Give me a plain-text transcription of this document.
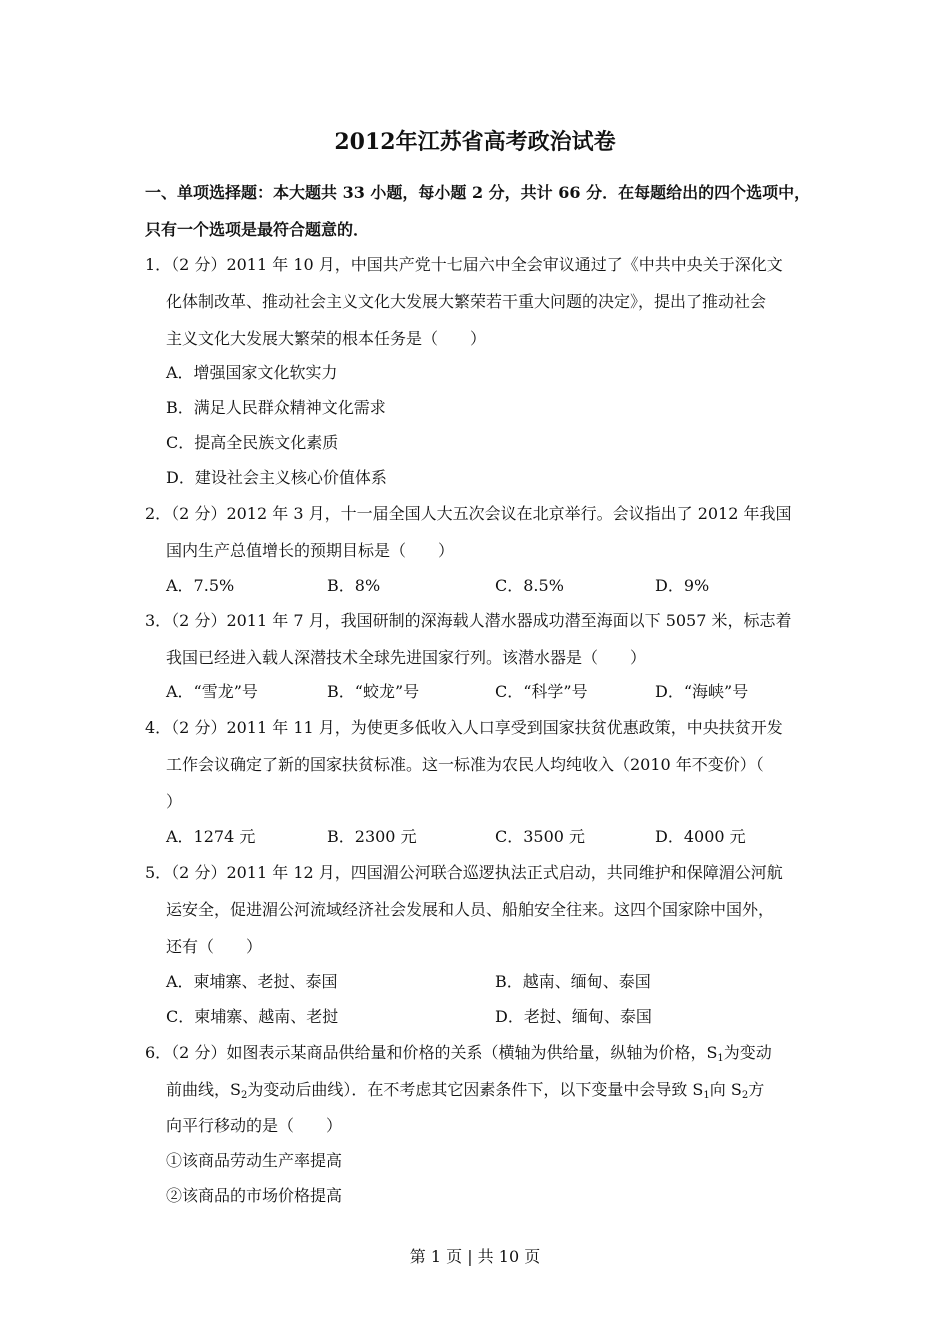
2012年江苏省高考政治试卷
一、单项选择题：本大题共 33 小题，每小题 2 分，共计 66 分．在每题给出的四个选项中，
只有一个选项是最符合题意的．
1．（2 分）2011 年 10 月，中国共产党十七届六中全会审议通过了《中共中央关于深化文
化体制改革、推动社会主义文化大发展大繁荣若干重大问题的决定》，提出了推动社会
主义文化大发展大繁荣的根本任务是（　　）
A．增强国家文化软实力
B．满足人民群众精神文化需求
C．提高全民族文化素质
D．建设社会主义核心价值体系
2．（2 分）2012 年 3 月，十一届全国人大五次会议在北京举行。会议指出了 2012 年我国
国内生产总值增长的预期目标是（　　）
A．7.5%	B．8%	C．8.5%	D．9%
3．（2 分）2011 年 7 月，我国研制的深海载人潜水器成功潜至海面以下 5057 米，标志着
我国已经进入载人深潜技术全球先进国家行列。该潜水器是（　　）
A．“雪龙”号	B．“蛟龙”号	C．“科学”号	D．“海峡”号
4．（2 分）2011 年 11 月，为使更多低收入人口享受到国家扶贫优惠政策，中央扶贫开发
工作会议确定了新的国家扶贫标准。这一标准为农民人均纯收入（2010 年不变价）（
）
A．1274 元	B．2300 元	C．3500 元	D．4000 元
5．（2 分）2011 年 12 月，四国湄公河联合巡逻执法正式启动，共同维护和保障湄公河航
运安全，促进湄公河流域经济社会发展和人员、船舶安全往来。这四个国家除中国外，
还有（　　）
A．柬埔寨、老挝、泰国	B．越南、缅甸、泰国
C．柬埔寨、越南、老挝	D．老挝、缅甸、泰国
6．（2 分）如图表示某商品供给量和价格的关系（横轴为供给量，纵轴为价格，$S_1$为变动
前曲线，$S_2$为变动后曲线）．在不考虑其它因素条件下，以下变量中会导致 $S_1$向 $S_2$方
向平行移动的是（　　）
①该商品劳动生产率提高
②该商品的市场价格提高
第 1 页 | 共 10 页
